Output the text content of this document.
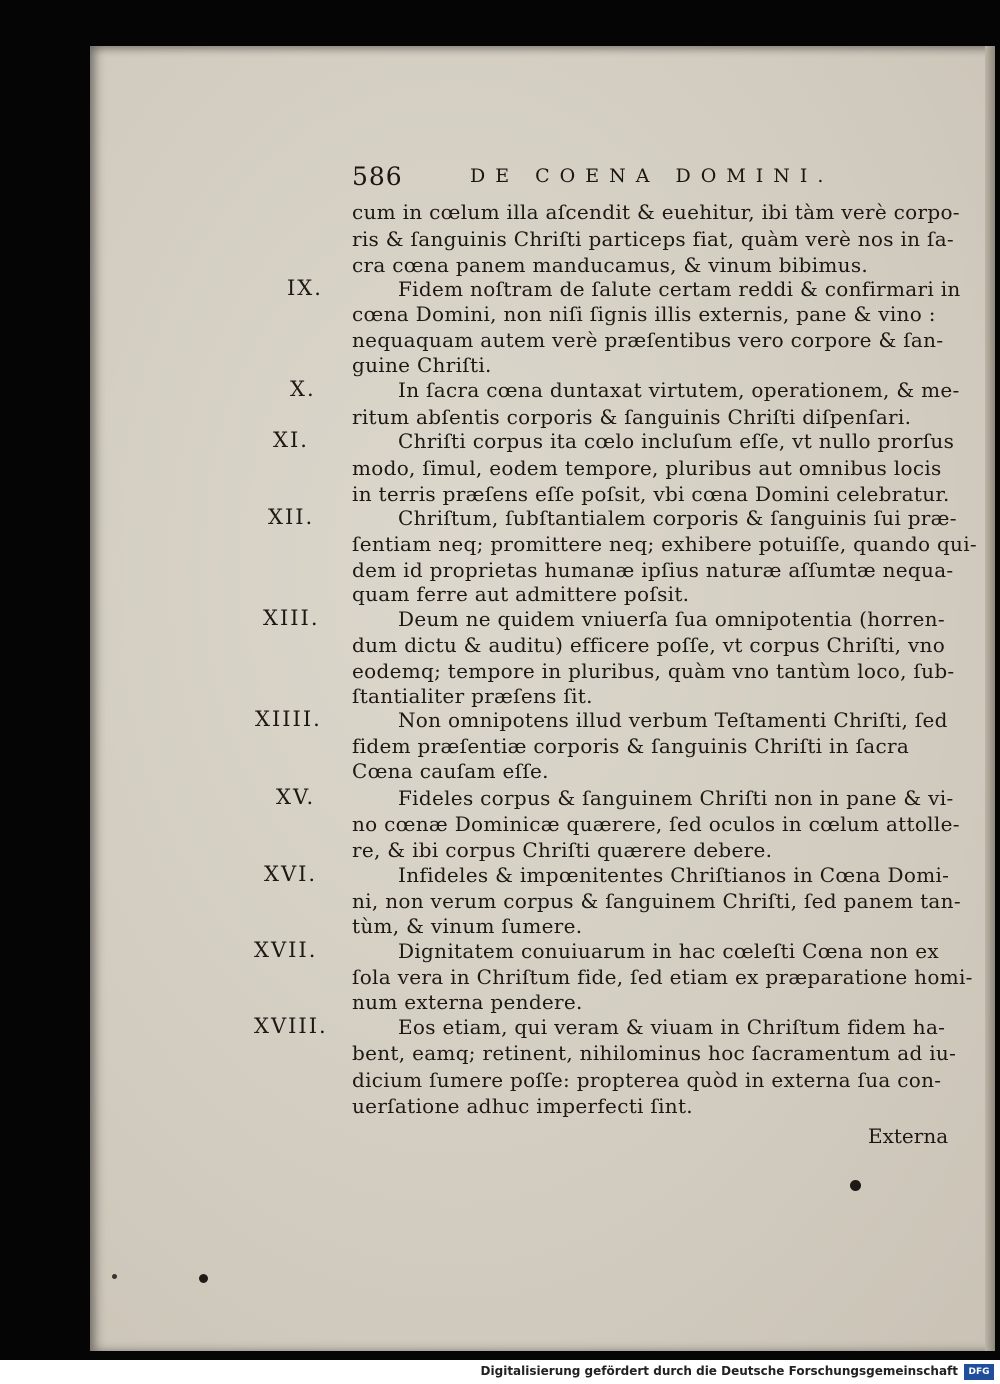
586	DE COENA DOMINI.
cum in cœlum illa aſcendit & euehitur, ibi tàm verè corpo-
ris & ſanguinis Chriſti particeps fiat, quàm verè nos in ſa-
cra cœna panem manducamus, & vinum bibimus.
Fidem noſtram de ſalute certam reddi & confirmari in
cœna Domini, non niſi ſignis illis externis, pane & vino :
nequaquam autem verè præſentibus vero corpore & ſan-
guine Chriſti.
In ſacra cœna duntaxat virtutem, operationem, & me-
ritum abſentis corporis & ſanguinis Chriſti diſpenſari.
Chriſti corpus ita cœlo incluſum eſſe, vt nullo prorſus
modo, ſimul, eodem tempore, pluribus aut omnibus locis
in terris præſens eſſe poſsit, vbi cœna Domini celebratur.
Chriſtum, ſubſtantialem corporis & ſanguinis ſui præ-
ſentiam neq; promittere neq; exhibere potuiſſe, quando qui-
dem id proprietas humanæ ipſius naturæ aſſumtæ nequa-
quam ferre aut admittere poſsit.
Deum ne quidem vniuerſa ſua omnipotentia (horren-
dum dictu & auditu) efficere poſſe, vt corpus Chriſti, vno
eodemq; tempore in pluribus, quàm vno tantùm loco, ſub-
ſtantialiter præſens ſit.
Non omnipotens illud verbum Teſtamenti Chriſti, ſed
fidem præſentiæ corporis & ſanguinis Chriſti in ſacra
Cœna cauſam eſſe.
Fideles corpus & ſanguinem Chriſti non in pane & vi-
no cœnæ Dominicæ quærere, ſed oculos in cœlum attolle-
re, & ibi corpus Chriſti quærere debere.
Infideles & impœnitentes Chriſtianos in Cœna Domi-
ni, non verum corpus & ſanguinem Chriſti, ſed panem tan-
tùm, & vinum ſumere.
Dignitatem conuiuarum in hac cœleſti Cœna non ex
ſola vera in Chriſtum fide, ſed etiam ex præparatione homi-
num externa pendere.
Eos etiam, qui veram & viuam in Chriſtum fidem ha-
bent, eamq; retinent, nihilominus hoc ſacramentum ad iu-
dicium ſumere poſſe: propterea quòd in externa ſua con-
uerſatione adhuc imperfecti ſint.
IX.
X.
XI.
XII.
XIII.
XIIII.
XV.
XVI.
XVII.
XVIII.
Externa
Digitalisierung gefördert durch die Deutsche Forschungsgemeinschaft	DFG
